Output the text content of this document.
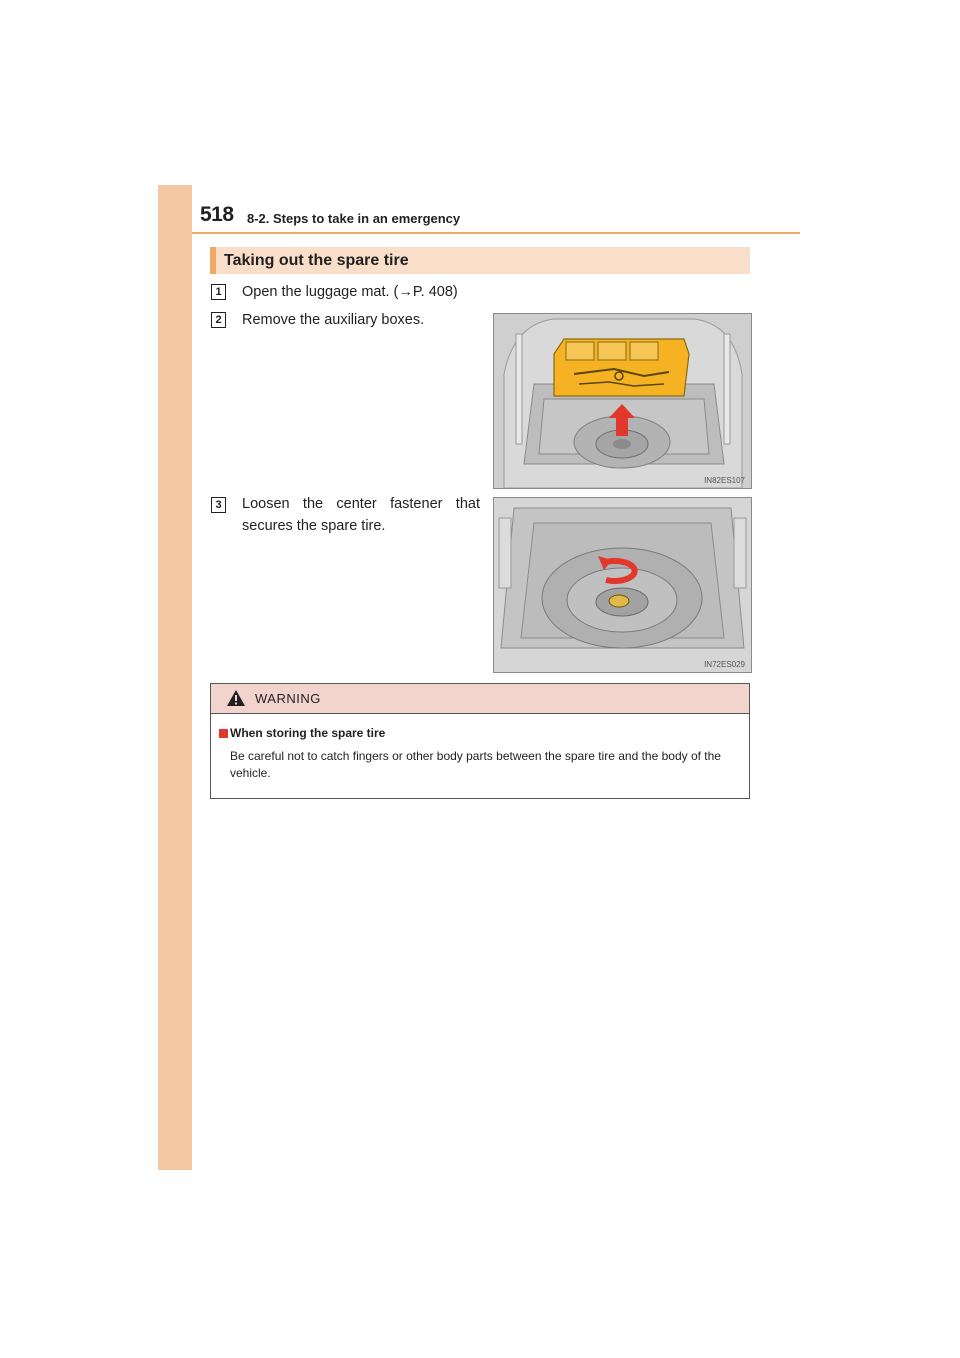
518 8-2. Steps to take in an emergency
Taking out the spare tire
1	Open the luggage mat. (→P. 408)
2	Remove the auxiliary boxes.
3	Loosen the center fastener that secures the spare tire.
IN82ES107
IN72ES029
WARNING
When storing the spare tire
Be careful not to catch fingers or other body parts between the spare tire and the body of the vehicle.
